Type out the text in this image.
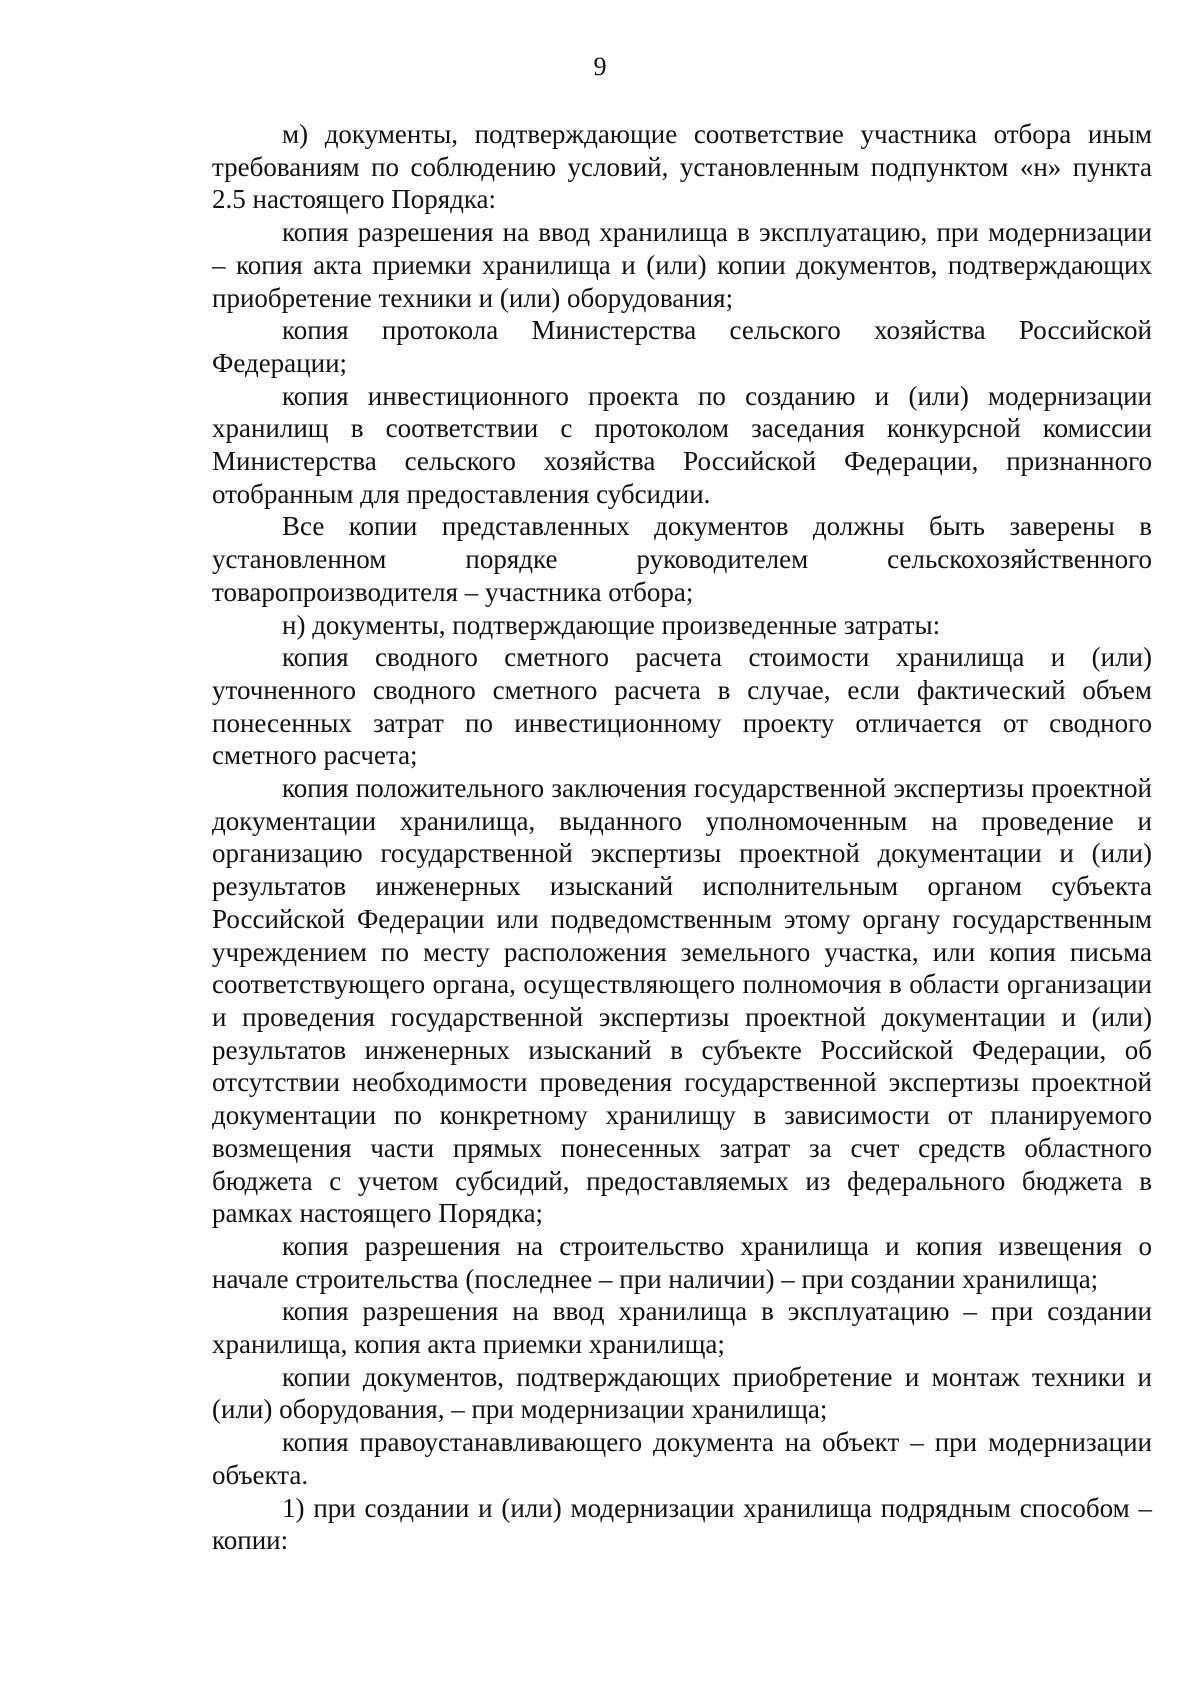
9

м) документы, подтверждающие соответствие участника отбора иным требованиям по соблюдению условий, установленным подпунктом «н» пункта 2.5 настоящего Порядка:

копия разрешения на ввод хранилища в эксплуатацию, при модернизации – копия акта приемки хранилища и (или) копии документов, подтверждающих приобретение техники и (или) оборудования;

копия протокола Министерства сельского хозяйства Российской Федерации;

копия инвестиционного проекта по созданию и (или) модернизации хранилищ в соответствии с протоколом заседания конкурсной комиссии Министерства сельского хозяйства Российской Федерации, признанного отобранным для предоставления субсидии.

Все копии представленных документов должны быть заверены в установленном порядке руководителем сельскохозяйственного товаропроизводителя – участника отбора;

н) документы, подтверждающие произведенные затраты:

копия сводного сметного расчета стоимости хранилища и (или) уточненного сводного сметного расчета в случае, если фактический объем понесенных затрат по инвестиционному проекту отличается от сводного сметного расчета;

копия положительного заключения государственной экспертизы проектной документации хранилища, выданного уполномоченным на проведение и организацию государственной экспертизы проектной документации и (или) результатов инженерных изысканий исполнительным органом субъекта Российской Федерации или подведомственным этому органу государственным учреждением по месту расположения земельного участка, или копия письма соответствующего органа, осуществляющего полномочия в области организации и проведения государственной экспертизы проектной документации и (или) результатов инженерных изысканий в субъекте Российской Федерации, об отсутствии необходимости проведения государственной экспертизы проектной документации по конкретному хранилищу в зависимости от планируемого возмещения части прямых понесенных затрат за счет средств областного бюджета с учетом субсидий, предоставляемых из федерального бюджета в рамках настоящего Порядка;

копия разрешения на строительство хранилища и копия извещения о начале строительства (последнее – при наличии) – при создании хранилища;

копия разрешения на ввод хранилища в эксплуатацию – при создании хранилища, копия акта приемки хранилища;

копии документов, подтверждающих приобретение и монтаж техники и (или) оборудования, – при модернизации хранилища;

копия правоустанавливающего документа на объект – при модернизации объекта.

1) при создании и (или) модернизации хранилища подрядным способом – копии:
